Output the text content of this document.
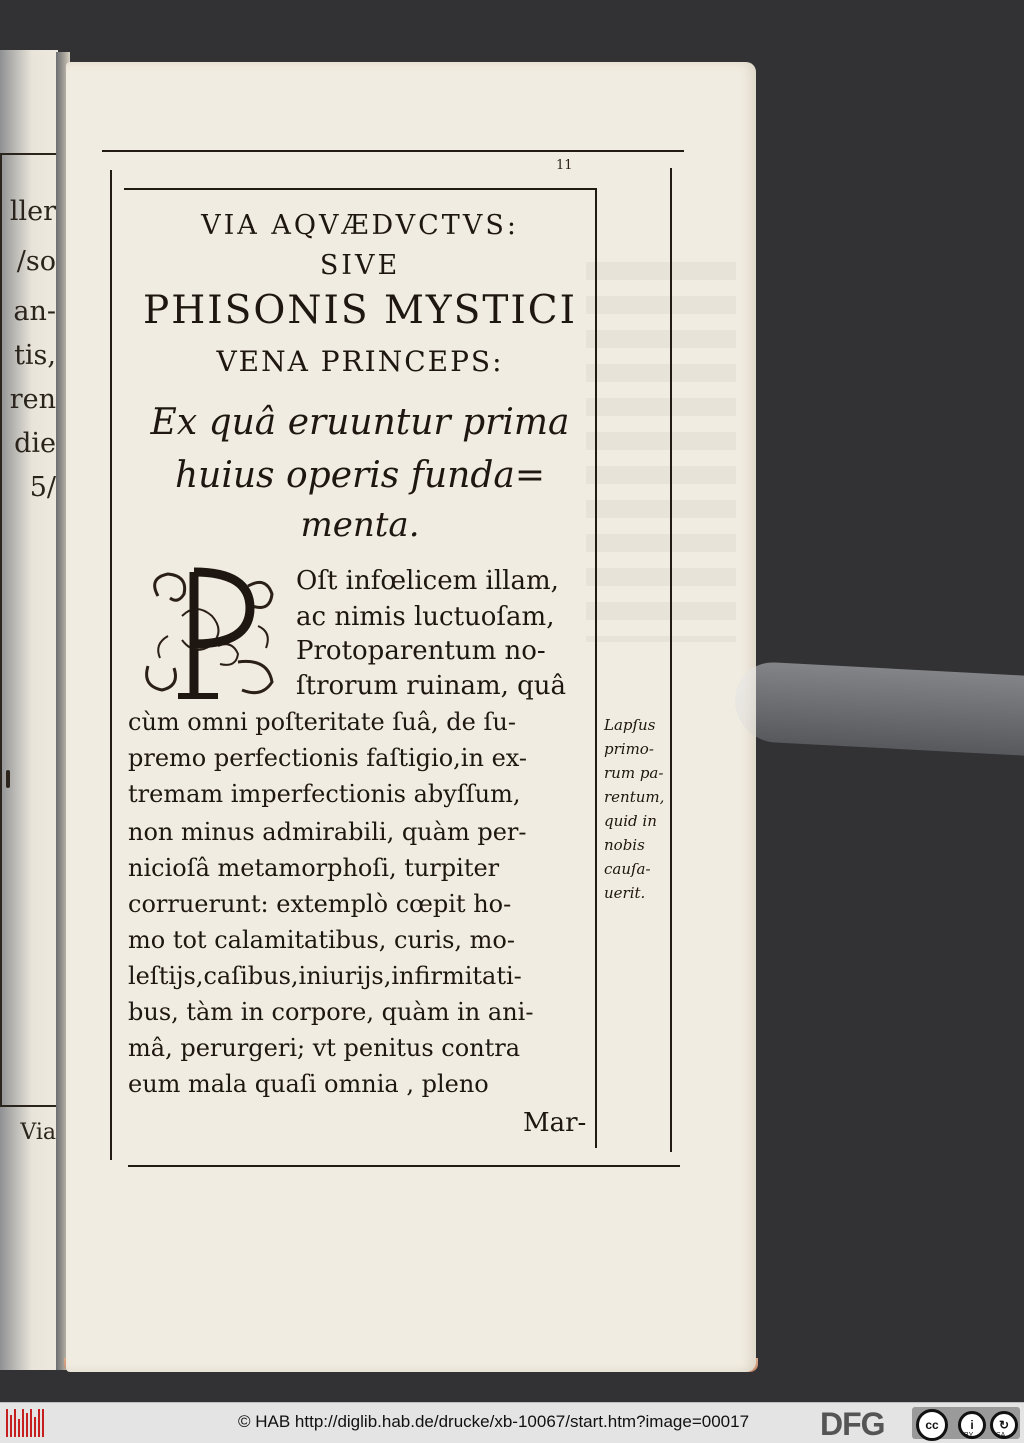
ller
/so
an-
tis,
ren
die
5/
Via
11
VIA AQVÆDVCTVS:
SIVE
PHISONIS MYSTICI
VENA PRINCEPS:
Ex quâ eruuntur prima
huius operis funda=
menta.
Oſt infœlicem illam,
ac nimis luctuoſam,
Protoparentum no-
ſtrorum ruinam, quâ
cùm omni poſteritate ſuâ, de ſu-
premo perfectionis faſtigio,in ex-
tremam imperfectionis abyſſum,
non minus admirabili, quàm per-
nicioſâ metamorphoſi, turpiter
corruerunt: extemplò cœpit ho-
mo tot calamitatibus, curis, mo-
leſtijs,caſibus,iniurijs,infirmitati-
bus, tàm in corpore, quàm in ani-
mâ, perurgeri; vt penitus contra
eum mala quaſi omnia , pleno
Mar-
Lapſus
primo-
rum pa-
rentum,
quid in
nobis
cauſa-
uerit.
© HAB http://diglib.hab.de/drucke/xb-10067/start.htm?image=00017 DFG	cc	i	↻
BY	SA
